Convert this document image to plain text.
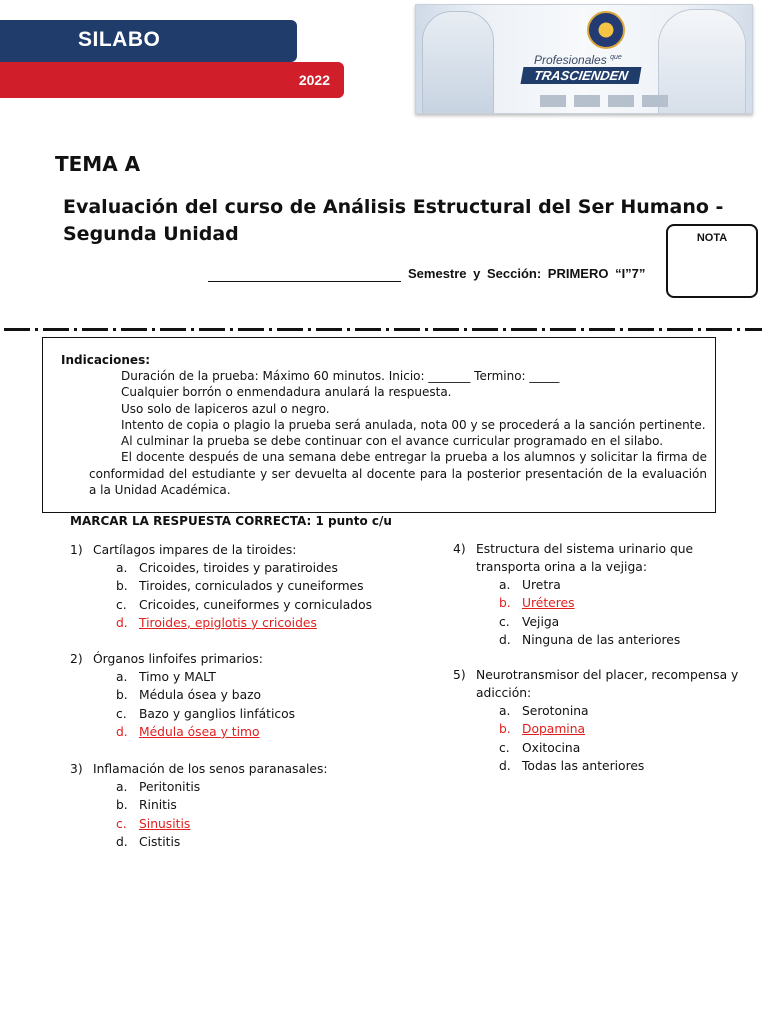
SILABO
2022
Profesionales $^{que}$
TRASCIENDEN
TEMA A
Evaluación del curso de Análisis Estructural del Ser Humano - Segunda Unidad	NOTA
Semestre y Sección: PRIMERO “I”7”
Indicaciones:
Duración de la prueba: Máximo 60 minutos. Inicio: _______ Termino: _____
Cualquier borrón o enmendadura anulará la respuesta.
Uso solo de lapiceros azul o negro.
Intento de copia o plagio la prueba será anulada, nota 00 y se procederá a la sanción pertinente.
Al culminar la prueba se debe continuar con el avance curricular programado en el silabo.
El docente después de una semana debe entregar la prueba a los alumnos y solicitar la firma de conformidad del estudiante y ser devuelta al docente para la posterior presentación de la evaluación a la Unidad Académica.
MARCAR LA RESPUESTA CORRECTA: 1 punto c/u
1) Cartílagos impares de la tiroides:
a. Cricoides, tiroides y paratiroides
b. Tiroides, corniculados y cuneiformes
c. Cricoides, cuneiformes y corniculados
d. Tiroides, epiglotis y cricoides
2) Órganos linfoifes primarios:
a. Timo y MALT
b. Médula ósea y bazo
c. Bazo y ganglios linfáticos
d. Médula ósea y timo
3) Inflamación de los senos paranasales:
a. Peritonitis
b. Rinitis
c. Sinusitis
d. Cistitis
4) Estructura del sistema urinario que transporta orina a la vejiga:
a. Uretra
b. Uréteres
c. Vejiga
d. Ninguna de las anteriores
5) Neurotransmisor del placer, recompensa y adicción:
a. Serotonina
b. Dopamina
c. Oxitocina
d. Todas las anteriores
